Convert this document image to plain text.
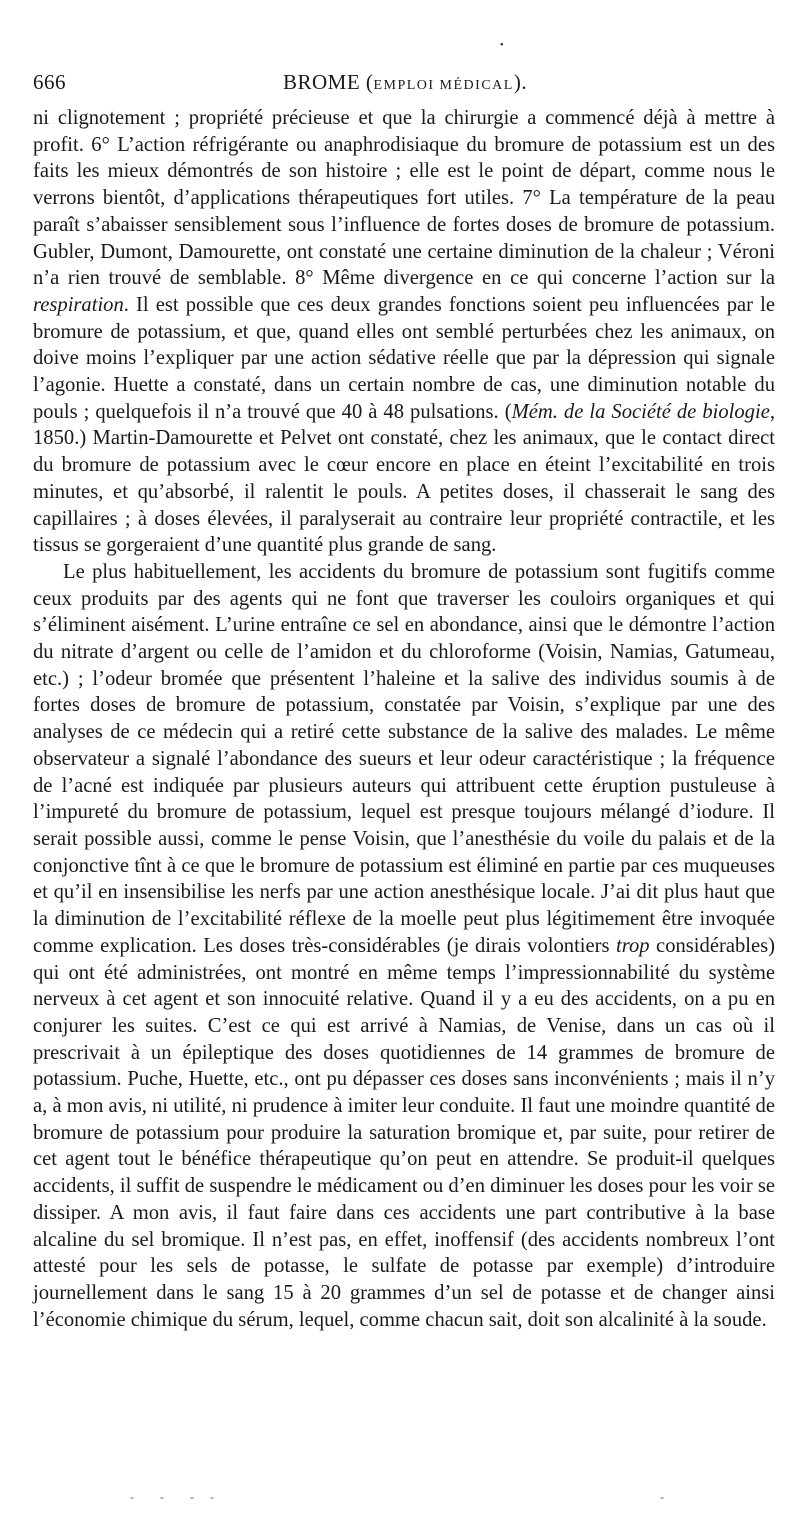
•
666	BROME (EMPLOI MÉDICAL).

ni clignotement ; propriété précieuse et que la chirurgie a commencé déjà à mettre à profit. 6° L’action réfrigérante ou anaphrodisiaque du bromure de potassium est un des faits les mieux démontrés de son histoire ; elle est le point de départ, comme nous le verrons bientôt, d’applications thérapeutiques fort utiles. 7° La température de la peau paraît s’abaisser sensiblement sous l’influence de fortes doses de bromure de potassium. Gubler, Dumont, Damourette, ont constaté une certaine diminution de la chaleur ; Véroni n’a rien trouvé de semblable. 8° Même divergence en ce qui concerne l’action sur la respiration. Il est possible que ces deux grandes fonctions soient peu influencées par le bromure de potassium, et que, quand elles ont semblé perturbées chez les animaux, on doive moins l’expliquer par une action sédative réelle que par la dépression qui signale l’agonie. Huette a constaté, dans un certain nombre de cas, une diminution notable du pouls ; quelquefois il n’a trouvé que 40 à 48 pulsations. (Mém. de la Société de biologie, 1850.) Martin-Damourette et Pelvet ont constaté, chez les animaux, que le contact direct du bromure de potassium avec le cœur encore en place en éteint l’excitabilité en trois minutes, et qu’absorbé, il ralentit le pouls. A petites doses, il chasserait le sang des capillaires ; à doses élevées, il paralyserait au contraire leur propriété contractile, et les tissus se gorgeraient d’une quantité plus grande de sang.

Le plus habituellement, les accidents du bromure de potassium sont fugitifs comme ceux produits par des agents qui ne font que traverser les couloirs organiques et qui s’éliminent aisément. L’urine entraîne ce sel en abondance, ainsi que le démontre l’action du nitrate d’argent ou celle de l’amidon et du chloroforme (Voisin, Namias, Gatumeau, etc.) ; l’odeur bromée que présentent l’haleine et la salive des individus soumis à de fortes doses de bromure de potassium, constatée par Voisin, s’explique par une des analyses de ce médecin qui a retiré cette substance de la salive des malades. Le même observateur a signalé l’abondance des sueurs et leur odeur caractéristique ; la fréquence de l’acné est indiquée par plusieurs auteurs qui attribuent cette éruption pustuleuse à l’impureté du bromure de potassium, lequel est presque toujours mélangé d’iodure. Il serait possible aussi, comme le pense Voisin, que l’anesthésie du voile du palais et de la conjonctive tînt à ce que le bromure de potassium est éliminé en partie par ces muqueuses et qu’il en insensibilise les nerfs par une action anesthésique locale. J’ai dit plus haut que la diminution de l’excitabilité réflexe de la moelle peut plus légitimement être invoquée comme explication. Les doses très-considérables (je dirais volontiers trop considérables) qui ont été administrées, ont montré en même temps l’impressionnabilité du système nerveux à cet agent et son innocuité relative. Quand il y a eu des accidents, on a pu en conjurer les suites. C’est ce qui est arrivé à Namias, de Venise, dans un cas où il prescrivait à un épileptique des doses quotidiennes de 14 grammes de bromure de potassium. Puche, Huette, etc., ont pu dépasser ces doses sans inconvénients ; mais il n’y a, à mon avis, ni utilité, ni prudence à imiter leur conduite. Il faut une moindre quantité de bromure de potassium pour produire la saturation bromique et, par suite, pour retirer de cet agent tout le bénéfice thérapeutique qu’on peut en attendre. Se produit-il quelques accidents, il suffit de suspendre le médicament ou d’en diminuer les doses pour les voir se dissiper. A mon avis, il faut faire dans ces accidents une part contributive à la base alcaline du sel bromique. Il n’est pas, en effet, inoffensif (des accidents nombreux l’ont attesté pour les sels de potasse, le sulfate de potasse par exemple) d’introduire journellement dans le sang 15 à 20 grammes d’un sel de potasse et de changer ainsi l’économie chimique du sérum, lequel, comme chacun sait, doit son alcalinité à la soude.

- - - -	-
